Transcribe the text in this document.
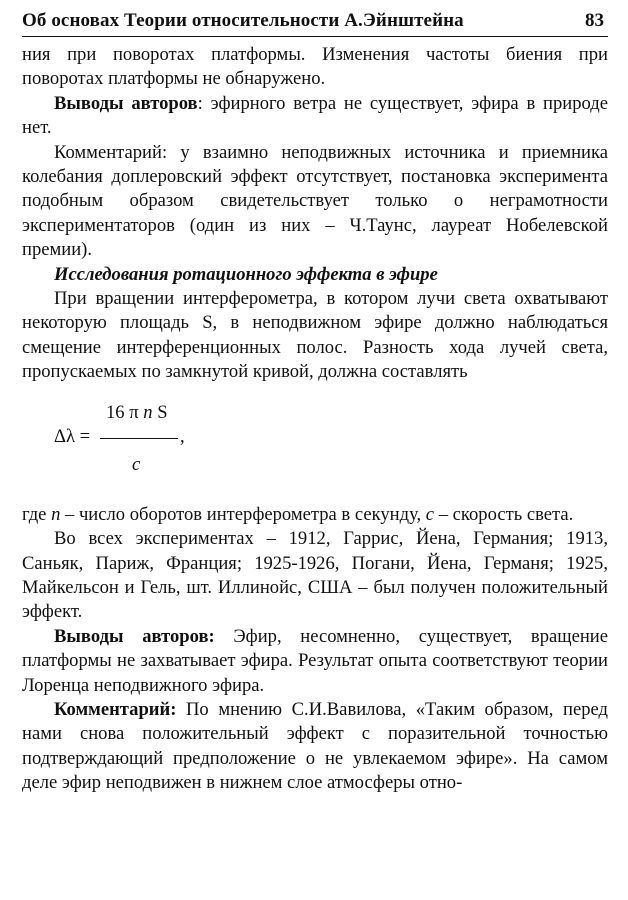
Об основах Теории относительности А.Эйнштейна	83

ния при поворотах платформы. Изменения частоты биения при поворотах платформы не обнаружено.

Выводы авторов: эфирного ветра не существует, эфира в природе нет.

Комментарий: у взаимно неподвижных источника и приемника колебания доплеровский эффект отсутствует, постановка эксперимента подобным образом свидетельствует только о неграмотности экспериментаторов (один из них – Ч.Таунс, лауреат Нобелевской премии).

Исследования ротационного эффекта в эфире

При вращении интерферометра, в котором лучи света охватывают некоторую площадь S, в неподвижном эфире должно наблюдаться смещение интерференционных полос. Разность хода лучей света, пропускаемых по замкнутой кривой, должна составлять

16 π n S
Δλ =	,
c

где n – число оборотов интерферометра в секунду, c – скорость света.

Во всех экспериментах – 1912, Гаррис, Йена, Германия; 1913, Саньяк, Париж, Франция; 1925-1926, Погани, Йена, Германя; 1925, Майкельсон и Гель, шт. Иллинойс, США – был получен положительный эффект.

Выводы авторов: Эфир, несомненно, существует, вращение платформы не захватывает эфира. Результат опыта соответствуют теории Лоренца неподвижного эфира.

Комментарий: По мнению С.И.Вавилова, «Таким образом, перед нами снова положительный эффект с поразительной точностью подтверждающий предположение о не увлекаемом эфире». На самом деле эфир неподвижен в нижнем слое атмосферы отно-
